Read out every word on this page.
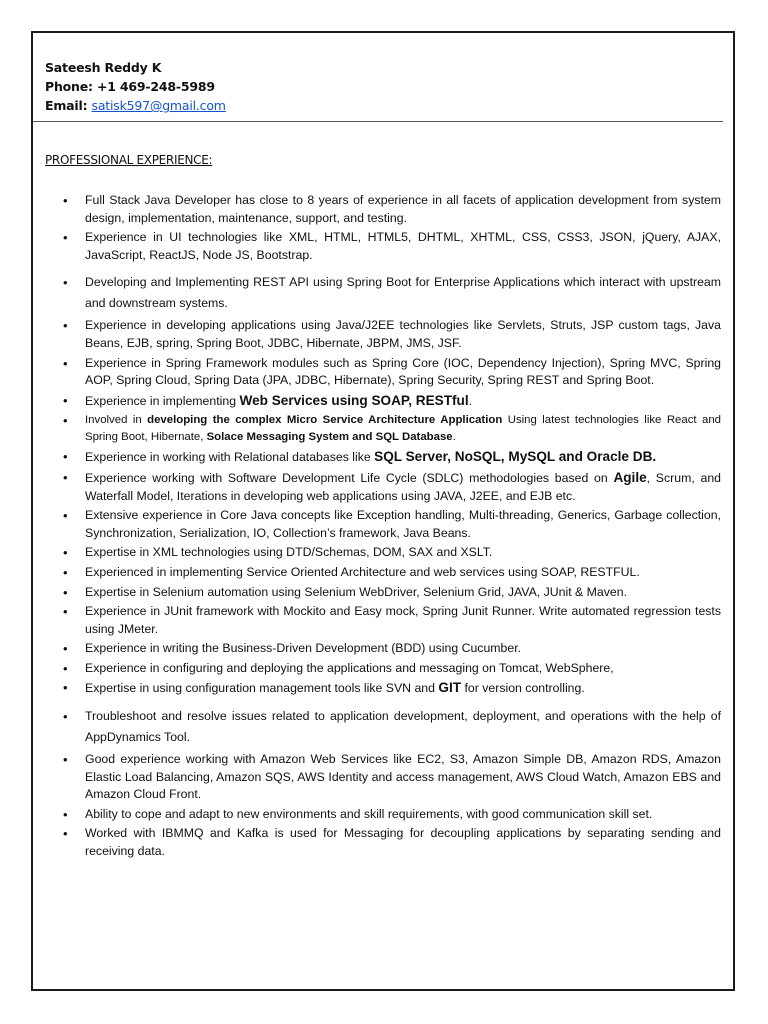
Sateesh Reddy K
Phone: +1 469-248-5989
Email: satisk597@gmail.com
PROFESSIONAL EXPERIENCE:
• Full Stack Java Developer has close to 8 years of experience in all facets of application development from system design, implementation, maintenance, support, and testing.
• Experience in UI technologies like XML, HTML, HTML5, DHTML, XHTML, CSS, CSS3, JSON, jQuery, AJAX, JavaScript, ReactJS, Node JS, Bootstrap.
• Developing and Implementing REST API using Spring Boot for Enterprise Applications which interact with upstream and downstream systems.
• Experience in developing applications using Java/J2EE technologies like Servlets, Struts, JSP custom tags, Java Beans, EJB, spring, Spring Boot, JDBC, Hibernate, JBPM, JMS, JSF.
• Experience in Spring Framework modules such as Spring Core (IOC, Dependency Injection), Spring MVC, Spring AOP, Spring Cloud, Spring Data (JPA, JDBC, Hibernate), Spring Security, Spring REST and Spring Boot.
• Experience in implementing Web Services using SOAP, RESTful.
• Involved in developing the complex Micro Service Architecture Application Using latest technologies like React and Spring Boot, Hibernate, Solace Messaging System and SQL Database.
• Experience in working with Relational databases like SQL Server, NoSQL, MySQL and Oracle DB.
• Experience working with Software Development Life Cycle (SDLC) methodologies based on Agile, Scrum, and Waterfall Model, Iterations in developing web applications using JAVA, J2EE, and EJB etc.
• Extensive experience in Core Java concepts like Exception handling, Multi-threading, Generics, Garbage collection, Synchronization, Serialization, IO, Collection’s framework, Java Beans.
• Expertise in XML technologies using DTD/Schemas, DOM, SAX and XSLT.
• Experienced in implementing Service Oriented Architecture and web services using SOAP, RESTFUL.
• Expertise in Selenium automation using Selenium WebDriver, Selenium Grid, JAVA, JUnit & Maven.
• Experience in JUnit framework with Mockito and Easy mock, Spring Junit Runner. Write automated regression tests using JMeter.
• Experience in writing the Business-Driven Development (BDD) using Cucumber.
• Experience in configuring and deploying the applications and messaging on Tomcat, WebSphere,
• Expertise in using configuration management tools like SVN and GIT for version controlling.
• Troubleshoot and resolve issues related to application development, deployment, and operations with the help of AppDynamics Tool.
• Good experience working with Amazon Web Services like EC2, S3, Amazon Simple DB, Amazon RDS, Amazon Elastic Load Balancing, Amazon SQS, AWS Identity and access management, AWS Cloud Watch, Amazon EBS and Amazon Cloud Front.
• Ability to cope and adapt to new environments and skill requirements, with good communication skill set.
• Worked with IBMMQ and Kafka is used for Messaging for decoupling applications by separating sending and receiving data.
